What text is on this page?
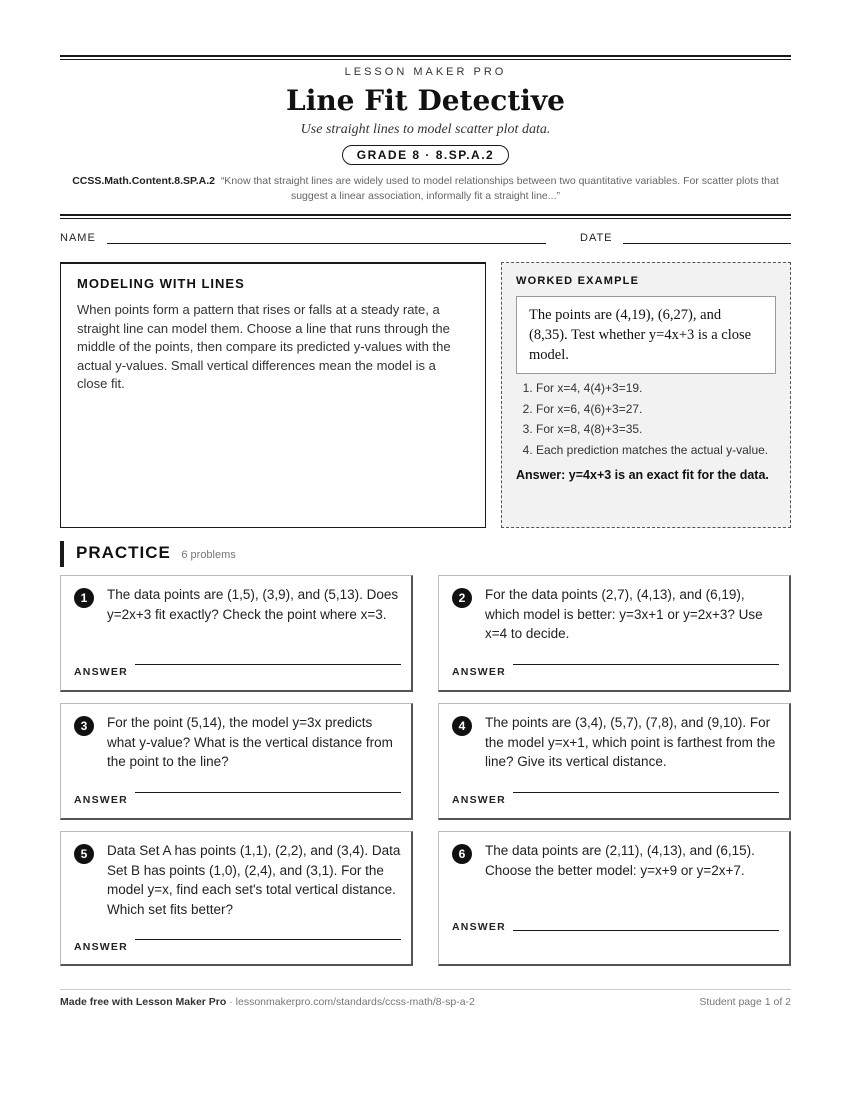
LESSON MAKER PRO
Line Fit Detective
Use straight lines to model scatter plot data.
GRADE 8 · 8.SP.A.2
CCSS.Math.Content.8.SP.A.2 “Know that straight lines are widely used to model relationships between two quantitative variables. For scatter plots that suggest a linear association, informally fit a straight line...”
NAME	DATE
MODELING WITH LINES
When points form a pattern that rises or falls at a steady rate, a straight line can model them. Choose a line that runs through the middle of the points, then compare its predicted y-values with the actual y-values. Small vertical differences mean the model is a close fit.
WORKED EXAMPLE
The points are (4,19), (6,27), and (8,35). Test whether y=4x+3 is a close model.
1. For x=4, 4(4)+3=19.
2. For x=6, 4(6)+3=27.
3. For x=8, 4(8)+3=35.
4. Each prediction matches the actual y-value.
Answer: y=4x+3 is an exact fit for the data.
PRACTICE 6 problems
1	The data points are (1,5), (3,9), and (5,13). Does y=2x+3 fit exactly? Check the point where x=3.
ANSWER
2	For the data points (2,7), (4,13), and (6,19), which model is better: y=3x+1 or y=2x+3? Use x=4 to decide.
ANSWER
3	For the point (5,14), the model y=3x predicts what y-value? What is the vertical distance from the point to the line?
ANSWER
4	The points are (3,4), (5,7), (7,8), and (9,10). For the model y=x+1, which point is farthest from the line? Give its vertical distance.
ANSWER
5	Data Set A has points (1,1), (2,2), and (3,4). Data Set B has points (1,0), (2,4), and (3,1). For the model y=x, find each set's total vertical distance. Which set fits better?
ANSWER
6	The data points are (2,11), (4,13), and (6,15). Choose the better model: y=x+9 or y=2x+7.
ANSWER
Made free with Lesson Maker Pro · lessonmakerpro.com/standards/ccss-math/8-sp-a-2	Student page 1 of 2
